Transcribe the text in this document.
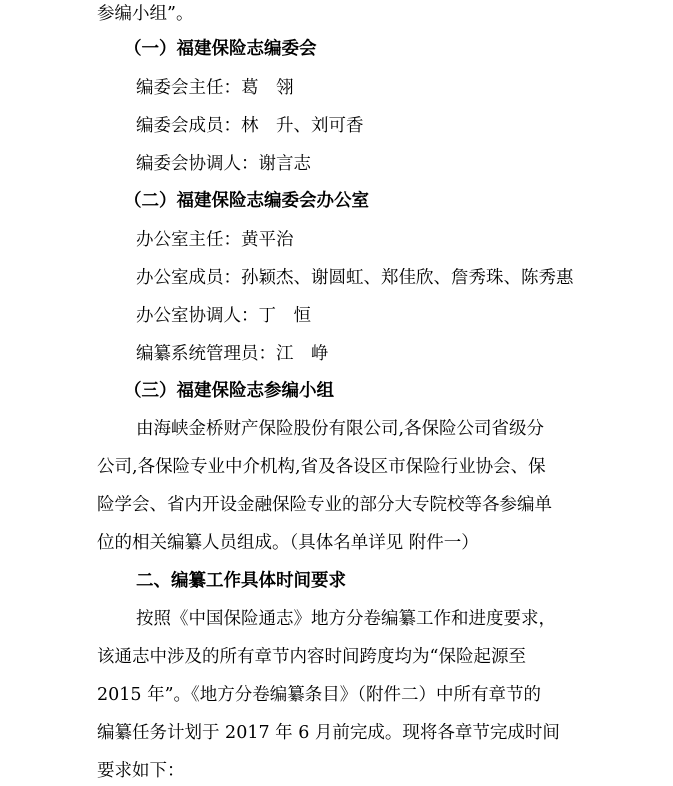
参编小组”。
（一）福建保险志编委会
编委会主任：葛　翎
编委会成员：林　升、刘可香
编委会协调人：谢言志
（二）福建保险志编委会办公室
办公室主任：黄平治
办公室成员：孙颖杰、谢圆虹、郑佳欣、詹秀珠、陈秀惠
办公室协调人：丁　恒
编纂系统管理员：江　峥
（三）福建保险志参编小组
由海峡金桥财产保险股份有限公司,各保险公司省级分
公司,各保险专业中介机构,省及各设区市保险行业协会、保
险学会、省内开设金融保险专业的部分大专院校等各参编单
位的相关编纂人员组成。（具体名单详见 附件一）
二、编纂工作具体时间要求
按照《中国保险通志》地方分卷编纂工作和进度要求，
该通志中涉及的所有章节内容时间跨度均为“保险起源至
2015 年”。《地方分卷编纂条目》（附件二）中所有章节的
编纂任务计划于 2017 年 6 月前完成。现将各章节完成时间
要求如下：
